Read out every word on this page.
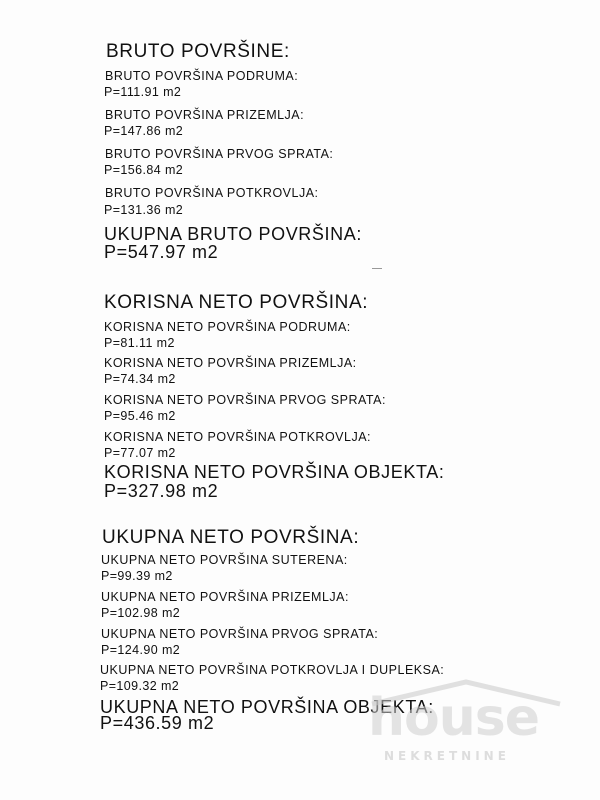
BRUTO POVRŠINE:
BRUTO POVRŠINA PODRUMA:
P=111.91 m2
BRUTO POVRŠINA PRIZEMLJA:
P=147.86 m2
BRUTO POVRŠINA PRVOG SPRATA:
P=156.84 m2
BRUTO POVRŠINA POTKROVLJA:
P=131.36 m2
UKUPNA BRUTO POVRŠINA:
P=547.97 m2
KORISNA NETO POVRŠINA:
KORISNA NETO POVRŠINA PODRUMA:
P=81.11 m2
KORISNA NETO POVRŠINA PRIZEMLJA:
P=74.34 m2
KORISNA NETO POVRŠINA PRVOG SPRATA:
P=95.46 m2
KORISNA NETO POVRŠINA POTKROVLJA:
P=77.07 m2
KORISNA NETO POVRŠINA OBJEKTA:
P=327.98 m2
UKUPNA NETO POVRŠINA:
UKUPNA NETO POVRŠINA SUTERENA:
P=99.39 m2
UKUPNA NETO POVRŠINA PRIZEMLJA:
P=102.98 m2
UKUPNA NETO POVRŠINA PRVOG SPRATA:
P=124.90 m2
UKUPNA NETO POVRŠINA POTKROVLJA I DUPLEKSA:
P=109.32 m2
UKUPNA NETO POVRŠINA OBJEKTA:
P=436.59 m2	house
NEKRETNINE
